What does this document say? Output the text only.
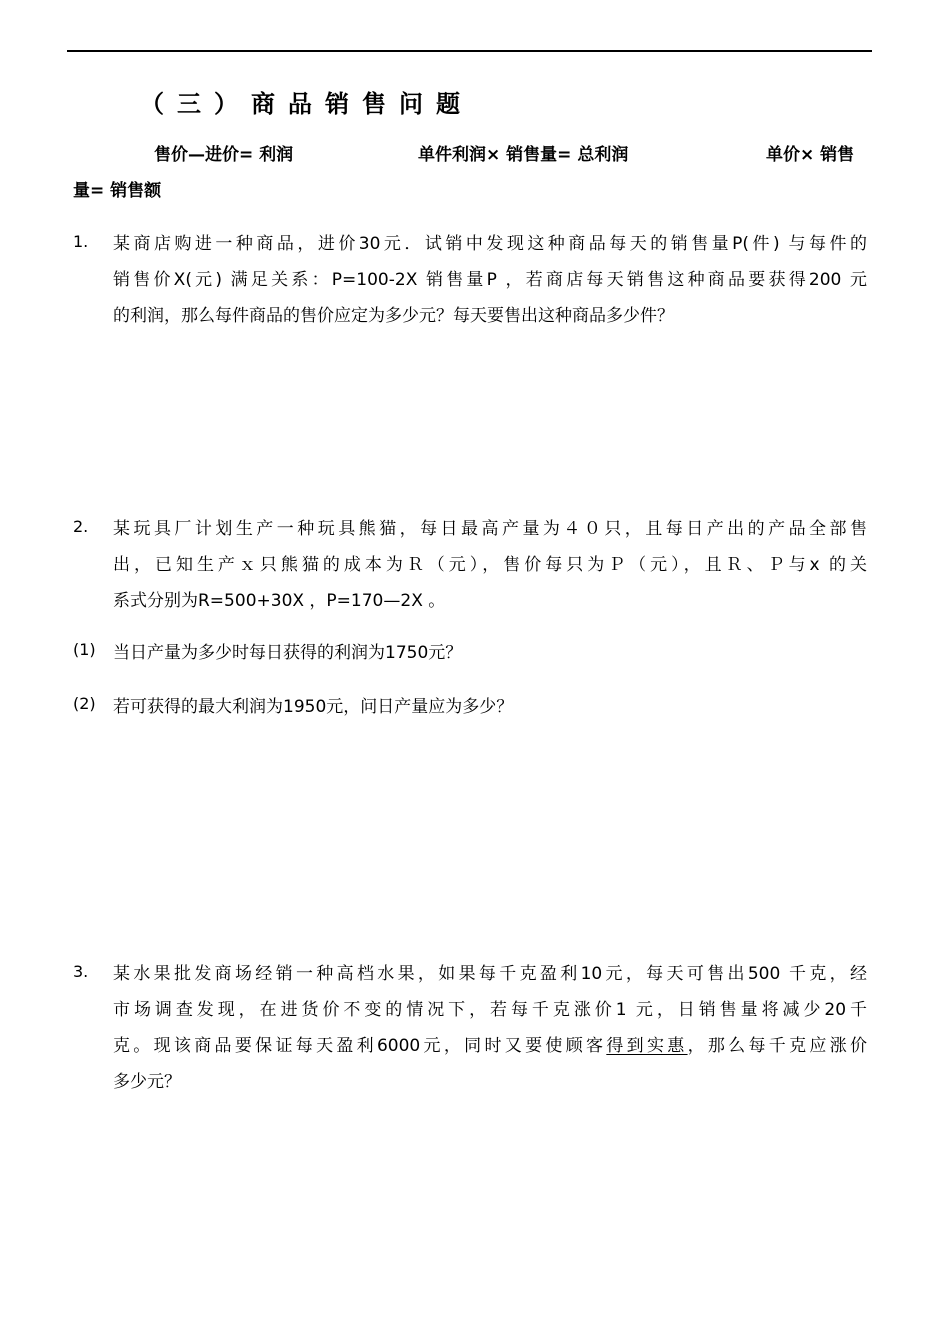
（三）商品销售问题
售价—进价= 利润	单件利润× 销售量= 总利润	单价× 销售
量= 销售额
1. 某商店购进一种商品，进价30元．试销中发现这种商品每天的销售量P(件) 与每件的
销售价X(元) 满足关系：P=100-2X 销售量P ，若商店每天销售这种商品要获得200 元
的利润，那么每件商品的售价应定为多少元？每天要售出这种商品多少件？
2. 某玩具厂计划生产一种玩具熊猫，每日最高产量为４０只，且每日产出的产品全部售
出，已知生产ｘ只熊猫的成本为Ｒ（元），售价每只为Ｐ（元），且Ｒ、Ｐ与x 的关
系式分别为R=500+30X ，P=170—2X 。
(1) 当日产量为多少时每日获得的利润为1750元？
(2) 若可获得的最大利润为1950元，问日产量应为多少？
3. 某水果批发商场经销一种高档水果，如果每千克盈利10元，每天可售出500 千克，经
市场调查发现，在进货价不变的情况下，若每千克涨价1 元，日销售量将减少20千
克。现该商品要保证每天盈利6000元，同时又要使顾客得到实惠，那么每千克应涨价
多少元？
